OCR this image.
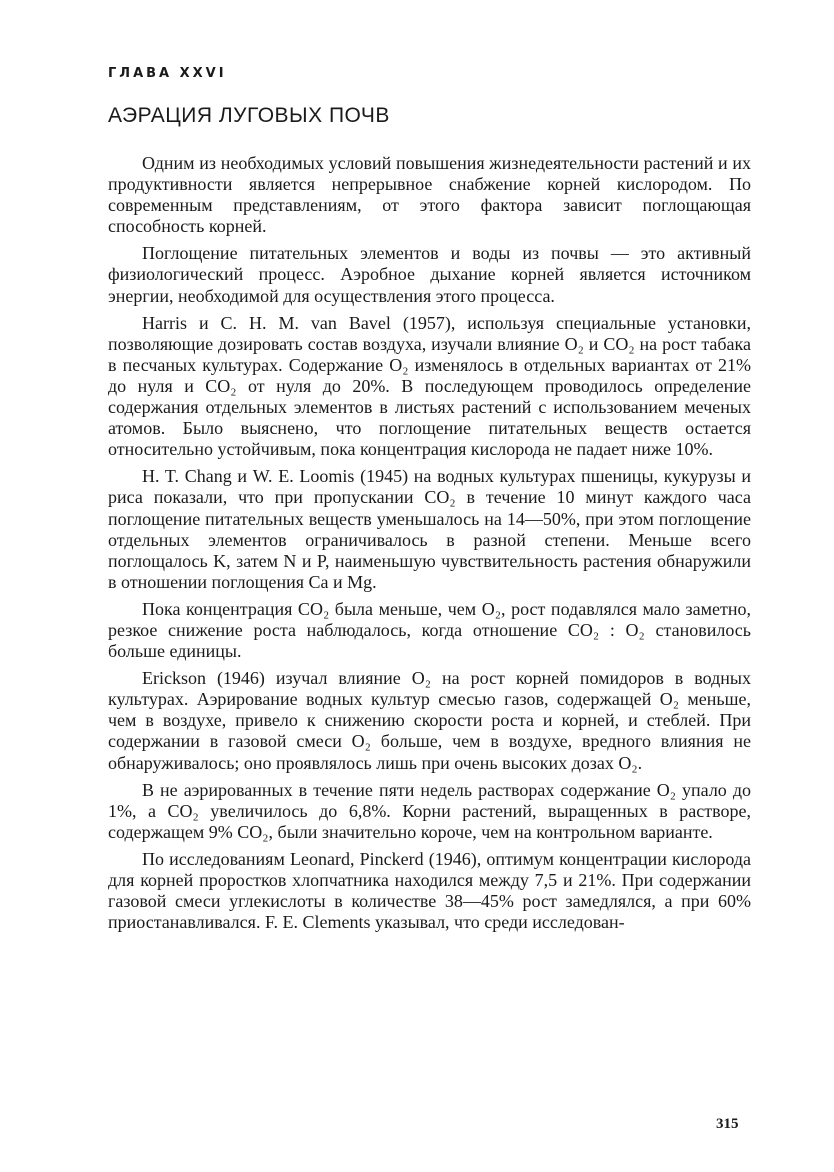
ГЛАВА XXVI
АЭРАЦИЯ ЛУГОВЫХ ПОЧВ

Одним из необходимых условий повышения жизнедеятельности растений и их продуктивности является непрерывное снабжение корней кислородом. По современным представлениям, от этого фактора зависит поглощающая способность корней.

Поглощение питательных элементов и воды из почвы — это активный физиологический процесс. Аэробное дыхание корней является источником энергии, необходимой для осуществления этого процесса.

Harris и C. H. M. van Bavel (1957), используя специальные установки, позволяющие дозировать состав воздуха, изучали влияние O₂ и CO₂ на рост табака в песчаных культурах. Содержание O₂ изменялось в отдельных вариантах от 21% до нуля и CO₂ от нуля до 20%. В последующем проводилось определение содержания отдельных элементов в листьях растений с использованием меченых атомов. Было выяснено, что поглощение питательных веществ остается относительно устойчивым, пока концентрация кислорода не падает ниже 10%.

H. T. Chang и W. E. Loomis (1945) на водных культурах пшеницы, кукурузы и риса показали, что при пропускании CO₂ в течение 10 минут каждого часа поглощение питательных веществ уменьшалось на 14—50%, при этом поглощение отдельных элементов ограничивалось в разной степени. Меньше всего поглощалось K, затем N и P, наименьшую чувствительность растения обнаружили в отношении поглощения Ca и Mg.

Пока концентрация CO₂ была меньше, чем O₂, рост подавлялся мало заметно, резкое снижение роста наблюдалось, когда отношение CO₂ : O₂ становилось больше единицы.

Erickson (1946) изучал влияние O₂ на рост корней помидоров в водных культурах. Аэрирование водных культур смесью газов, содержащей O₂ меньше, чем в воздухе, привело к снижению скорости роста и корней, и стеблей. При содержании в газовой смеси O₂ больше, чем в воздухе, вредного влияния не обнаруживалось; оно проявлялось лишь при очень высоких дозах O₂.

В не аэрированных в течение пяти недель растворах содержание O₂ упало до 1%, а CO₂ увеличилось до 6,8%. Корни растений, выращенных в растворе, содержащем 9% CO₂, были значительно короче, чем на контрольном варианте.

По исследованиям Leonard, Pinckerd (1946), оптимум концентрации кислорода для корней проростков хлопчатника находился между 7,5 и 21%. При содержании газовой смеси углекислоты в количестве 38—45% рост замедлялся, а при 60% приостанавливался. F. E. Clements указывал, что среди исследован-

315
